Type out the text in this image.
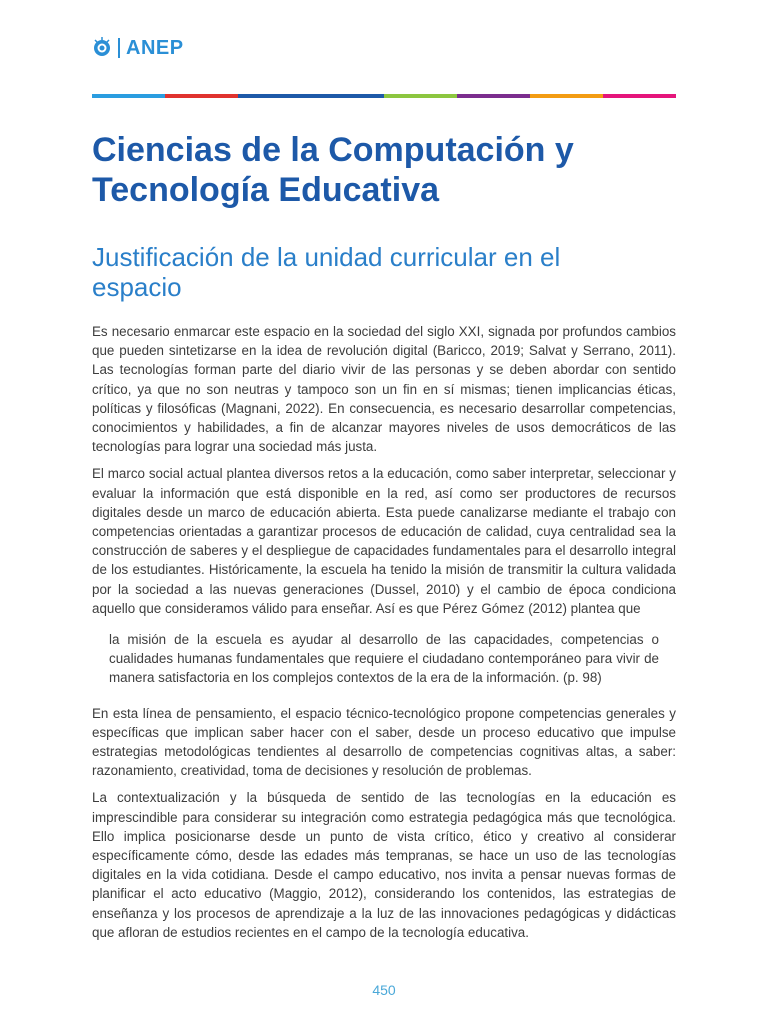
ANEP
Ciencias de la Computación y Tecnología Educativa
Justificación de la unidad curricular en el espacio

Es necesario enmarcar este espacio en la sociedad del siglo XXI, signada por profundos cambios que pueden sintetizarse en la idea de revolución digital (Baricco, 2019; Salvat y Serrano, 2011). Las tecnologías forman parte del diario vivir de las personas y se deben abordar con sentido crítico, ya que no son neutras y tampoco son un fin en sí mismas; tienen implicancias éticas, políticas y filosóficas (Magnani, 2022). En consecuencia, es necesario desarrollar competencias, conocimientos y habilidades, a fin de alcanzar mayores niveles de usos democráticos de las tecnologías para lograr una sociedad más justa.

El marco social actual plantea diversos retos a la educación, como saber interpretar, seleccionar y evaluar la información que está disponible en la red, así como ser productores de recursos digitales desde un marco de educación abierta. Esta puede canalizarse mediante el trabajo con competencias orientadas a garantizar procesos de educación de calidad, cuya centralidad sea la construcción de saberes y el despliegue de capacidades fundamentales para el desarrollo integral de los estudiantes. Históricamente, la escuela ha tenido la misión de transmitir la cultura validada por la sociedad a las nuevas generaciones (Dussel, 2010) y el cambio de época condiciona aquello que consideramos válido para enseñar. Así es que Pérez Gómez (2012) plantea que

la misión de la escuela es ayudar al desarrollo de las capacidades, competencias o cualidades humanas fundamentales que requiere el ciudadano contemporáneo para vivir de manera satisfactoria en los complejos contextos de la era de la información. (p. 98)

En esta línea de pensamiento, el espacio técnico-tecnológico propone competencias generales y específicas que implican saber hacer con el saber, desde un proceso educativo que impulse estrategias metodológicas tendientes al desarrollo de competencias cognitivas altas, a saber: razonamiento, creatividad, toma de decisiones y resolución de problemas.

La contextualización y la búsqueda de sentido de las tecnologías en la educación es imprescindible para considerar su integración como estrategia pedagógica más que tecnológica. Ello implica posicionarse desde un punto de vista crítico, ético y creativo al considerar específicamente cómo, desde las edades más tempranas, se hace un uso de las tecnologías digitales en la vida cotidiana. Desde el campo educativo, nos invita a pensar nuevas formas de planificar el acto educativo (Maggio, 2012), considerando los contenidos, las estrategias de enseñanza y los procesos de aprendizaje a la luz de las innovaciones pedagógicas y didácticas que afloran de estudios recientes en el campo de la tecnología educativa.

450
